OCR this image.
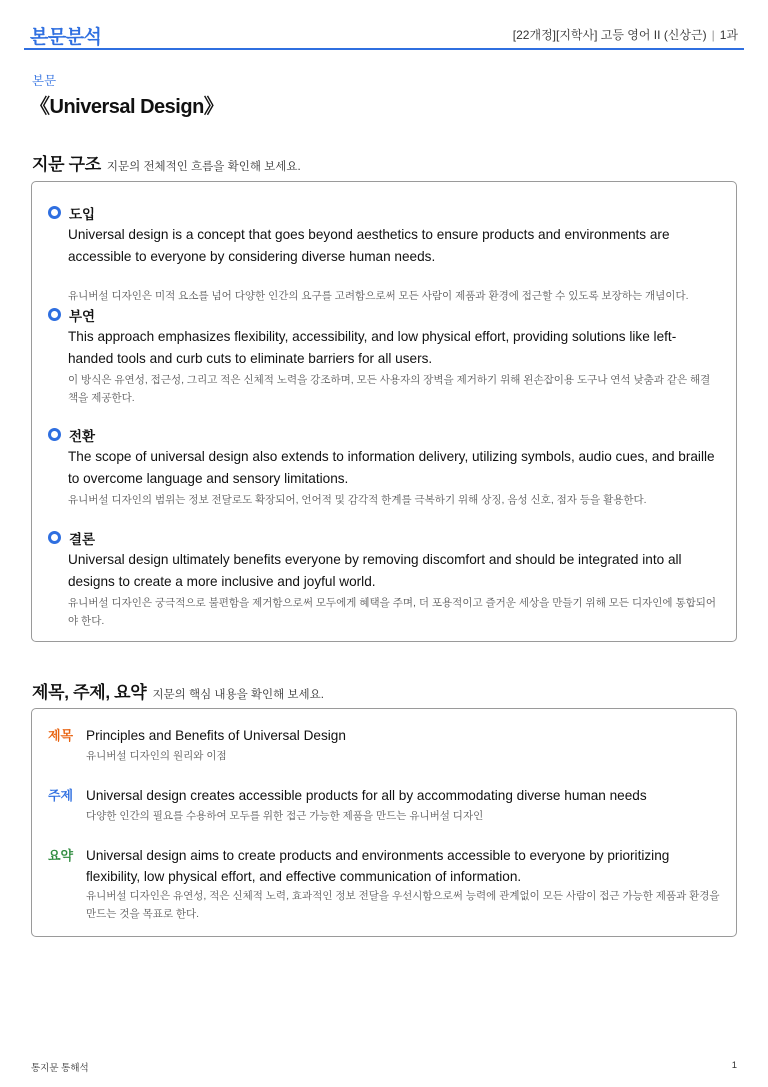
본문분석	[22개정][지학사] 고등 영어 II (신상근) | 1과
본문
《Universal Design》
지문 구조 지문의 전체적인 흐름을 확인해 보세요.
도입
Universal design is a concept that goes beyond aesthetics to ensure products and environments are accessible to everyone by considering diverse human needs.
유니버설 디자인은 미적 요소를 넘어 다양한 인간의 요구를 고려함으로써 모든 사람이 제품과 환경에 접근할 수 있도록 보장하는 개념이다.
부연
This approach emphasizes flexibility, accessibility, and low physical effort, providing solutions like left-handed tools and curb cuts to eliminate barriers for all users.
이 방식은 유연성, 접근성, 그리고 적은 신체적 노력을 강조하며, 모든 사용자의 장벽을 제거하기 위해 왼손잡이용 도구나 연석 낮춤과 같은 해결책을 제공한다.
전환
The scope of universal design also extends to information delivery, utilizing symbols, audio cues, and braille to overcome language and sensory limitations.
유니버설 디자인의 범위는 정보 전달로도 확장되어, 언어적 및 감각적 한계를 극복하기 위해 상징, 음성 신호, 점자 등을 활용한다.
결론
Universal design ultimately benefits everyone by removing discomfort and should be integrated into all designs to create a more inclusive and joyful world.
유니버설 디자인은 궁극적으로 불편함을 제거함으로써 모두에게 혜택을 주며, 더 포용적이고 즐거운 세상을 만들기 위해 모든 디자인에 통합되어야 한다.
제목, 주제, 요약 지문의 핵심 내용을 확인해 보세요.
제목 Principles and Benefits of Universal Design
유니버설 디자인의 원리와 이점
주제 Universal design creates accessible products for all by accommodating diverse human needs
다양한 인간의 필요를 수용하여 모두를 위한 접근 가능한 제품을 만드는 유니버설 디자인
요약 Universal design aims to create products and environments accessible to everyone by prioritizing flexibility, low physical effort, and effective communication of information.
유니버설 디자인은 유연성, 적은 신체적 노력, 효과적인 정보 전달을 우선시함으로써 능력에 관계없이 모든 사람이 접근 가능한 제품과 환경을 만드는 것을 목표로 한다.
통지문 통해석	1
